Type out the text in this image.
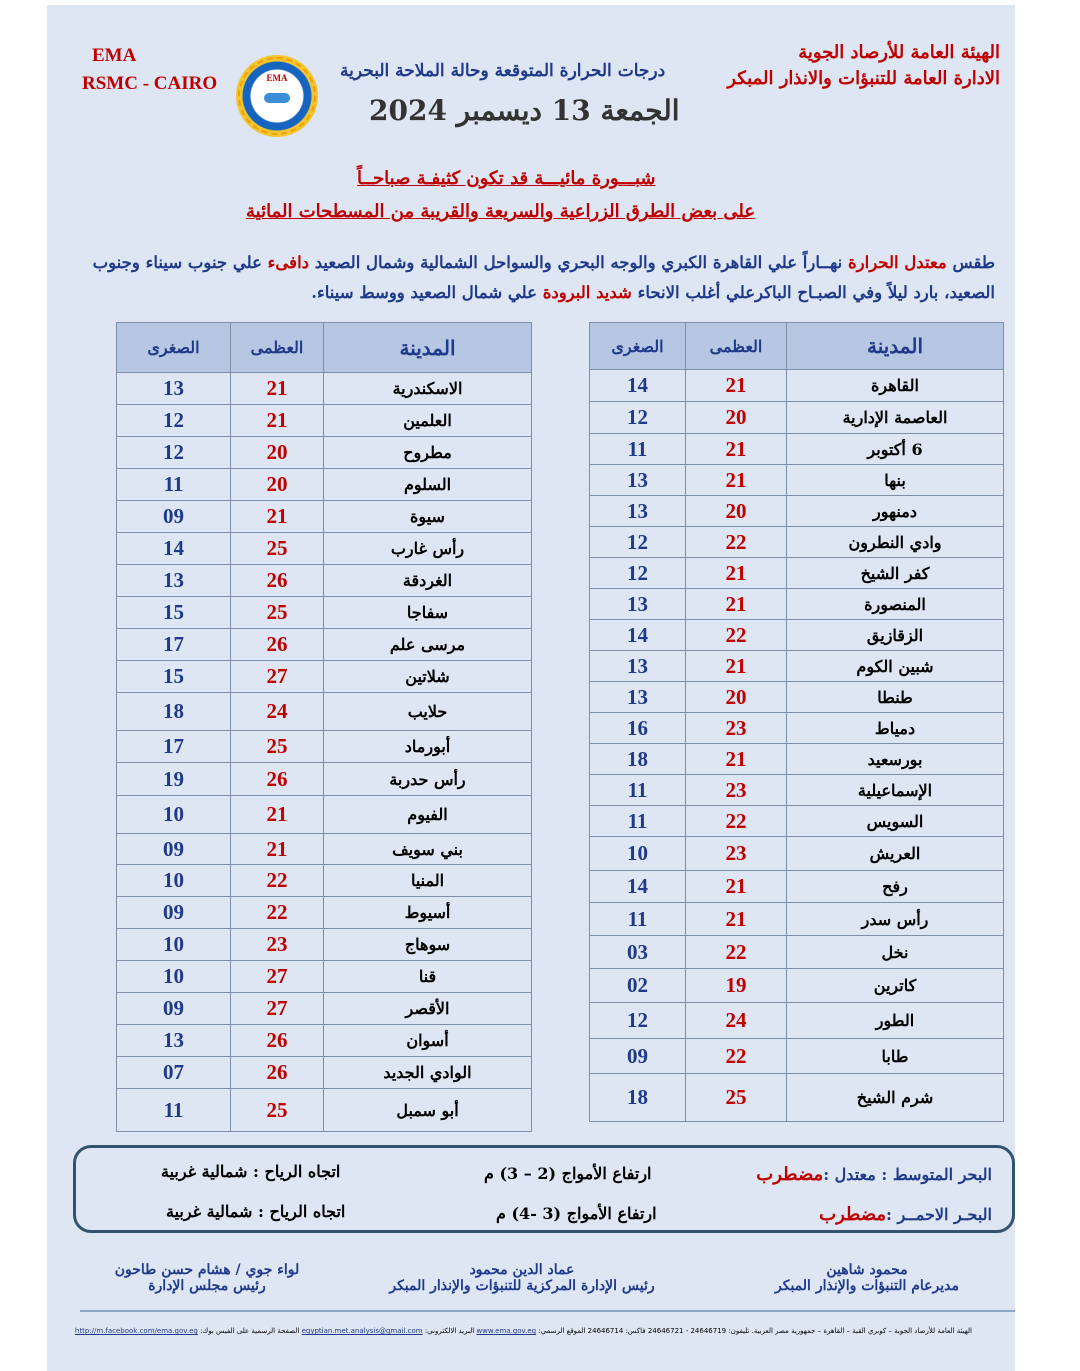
الهيئة العامة للأرصاد الجوية
الادارة العامة للتنبؤات والانذار المبكر
EMA
RSMC - CAIRO	EMA	درجات الحرارة المتوقعة وحالة الملاحة البحرية
الجمعة 13 ديسمبر 2024
شبـــورة مائيـــة قد تكون كثيفـة صباحــاً
على بعض الطرق الزراعية والسريعة والقريبة من المسطحات المائية
طقس معتدل الحرارة نهــاراً علي القاهرة الكبري والوجه البحري والسواحل الشمالية وشمال الصعيد دافىء علي جنوب سيناء وجنوب الصعيد، بارد ليلاً وفي الصبـاح الباكرعلي أغلب الانحاء شديد البرودة علي شمال الصعيد ووسط سيناء.
الصغرى	العظمى	المدينة
14	21	القاهرة
12	20	العاصمة الإدارية
11	21	6 أكتوبر
13	21	بنها
13	20	دمنهور
12	22	وادي النطرون
12	21	كفر الشيخ
13	21	المنصورة
14	22	الزقازيق
13	21	شبين الكوم
13	20	طنطا
16	23	دمياط
18	21	بورسعيد
11	23	الإسماعيلية
11	22	السويس
10	23	العريش
14	21	رفح
11	21	رأس سدر
03	22	نخل
02	19	كاترين
12	24	الطور
09	22	طابا
18	25	شرم الشيخ
الصغرى	العظمى	المدينة
13	21	الاسكندرية
12	21	العلمين
12	20	مطروح
11	20	السلوم
09	21	سيوة
14	25	رأس غارب
13	26	الغردقة
15	25	سفاجا
17	26	مرسى علم
15	27	شلاتين
18	24	حلايب
17	25	أبورماد
19	26	رأس حدربة
10	21	الفيوم
09	21	بني سويف
10	22	المنيا
09	22	أسيوط
10	23	سوهاج
10	27	قنا
09	27	الأقصر
13	26	أسوان
07	26	الوادي الجديد
11	25	أبو سمبل
البحر المتوسط : معتدل :مضطرب
ارتفاع الأمواج (2 – 3) م
اتجاه الرياح : شمالية غربية
البحـر الاحمــر :مضطرب
ارتفاع الأمواج (3 -4) م
اتجاه الرياح : شمالية غربية
محمود شاهين
مديرعام التنبؤات والإنذار المبكر
عماد الدين محمود
رئيس الإدارة المركزية للتنبؤات والإنذار المبكر
لواء جوي / هشام حسن طاحون
رئيس مجلس الإدارة
الهيئة العامة للأرصاد الجوية – كوبري القبة – القاهرة – جمهورية مصر العربية. تليفون: 24646719 - 24646721 فاكس: 24646714 الموقع الرسمي: www.ema.gov.eg البريد الالكتروني: egyptian.met.analysis@gmail.com الصفحة الرسمية على الفيس بوك: http://m.facebook.com/ema.gov.eg
